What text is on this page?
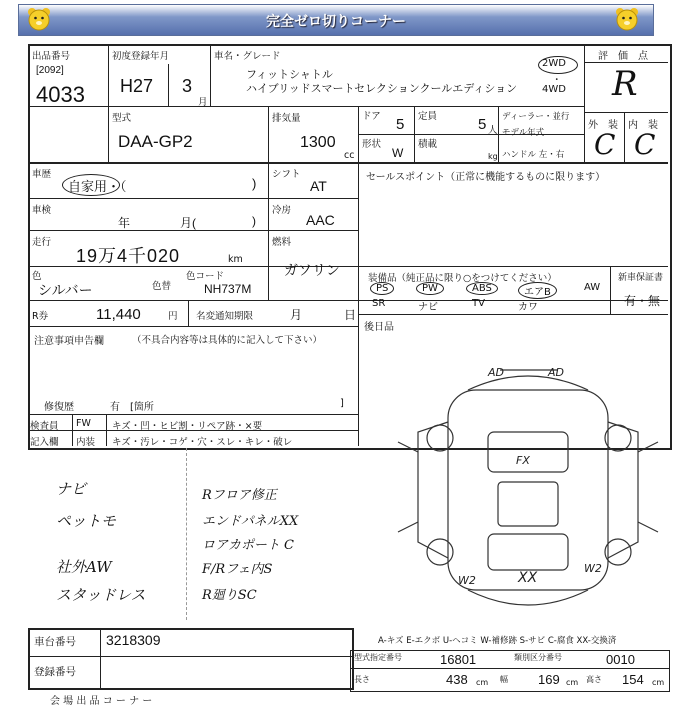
完全ゼロ切りコーナー
出品番号
[2092]
4033
初度登録年月
H27 3
月
車名・グレード
フィットシャトル
ハイブリッドスマートセレクションクールエディション
2WD
・
4WD
評　価　点
R
外　装 内　装
C C
型式
DAA-GP2
排気量
1300
cc
ドア 5 定員	5 人
ディーラー・並行
モデル年式
ハンドル 左・右
形状
W
積載
kg
車歴
自家用・（	)
シフト
AT
車検
年	月(	)
冷房
AAC
走行
19万4千020	km
燃料
ガソリン
色
シルバー	色替
色コード
NH737M
R券	11,440	円 名変通知期限	月	日
セールスポイント（正常に機能するものに限ります）
装備品（純正品に限り○をつけてください）	新車保証書
有・無
PS	PW	ABS	エアB	AW
SR	ナビ	TV	カワ
後日品
注意事項申告欄	（不具合内容等は具体的に記入して下さい）
修復歴	有　[箇所	]
検査員 FW キズ・凹・ヒビ割・リペア跡・×要
記入欄 内装 キズ・汚レ・コゲ・穴・スレ・キレ・破レ
ナビ
ペットモ
社外AW
スタッドレス
Rフロア修正
エンドパネルXX
ロアカポート C
F/Rフェ内S
R廻りSC
AD	AD
FX
XX
W2
W2
A-キズ E-エクボ U-ヘコミ W-補修跡 S-サビ C-腐食 XX-交換済
車台番号 3218309
登録番号
会 場 出 品 コ ー ナ ー
型式指定番号	16801	類別区分番号	0010
長さ	438 cm 幅 169 cm 高さ 154 cm
